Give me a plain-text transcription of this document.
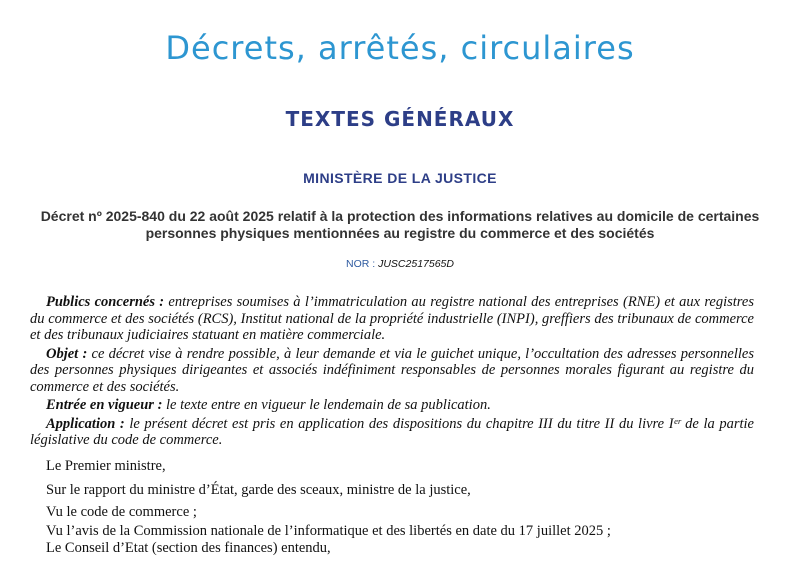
Décrets, arrêtés, circulaires
TEXTES GÉNÉRAUX
MINISTÈRE DE LA JUSTICE

Décret nº 2025-840 du 22 août 2025 relatif à la protection des informations relatives au domicile de certaines personnes physiques mentionnées au registre du commerce et des sociétés

NOR : JUSC2517565D

Publics concernés : entreprises soumises à l’immatriculation au registre national des entreprises (RNE) et aux registres du commerce et des sociétés (RCS), Institut national de la propriété industrielle (INPI), greffiers des tribunaux de commerce et des tribunaux judiciaires statuant en matière commerciale.

Objet : ce décret vise à rendre possible, à leur demande et via le guichet unique, l’occultation des adresses personnelles des personnes physiques dirigeantes et associés indéfiniment responsables de personnes morales figurant au registre du commerce et des sociétés.

Entrée en vigueur : le texte entre en vigueur le lendemain de sa publication.

Application : le présent décret est pris en application des dispositions du chapitre III du titre II du livre Iᵉʳ de la partie législative du code de commerce.

Le Premier ministre,

Sur le rapport du ministre d’État, garde des sceaux, ministre de la justice,

Vu le code de commerce ;

Vu l’avis de la Commission nationale de l’informatique et des libertés en date du 17 juillet 2025 ;

Le Conseil d’Etat (section des finances) entendu,
